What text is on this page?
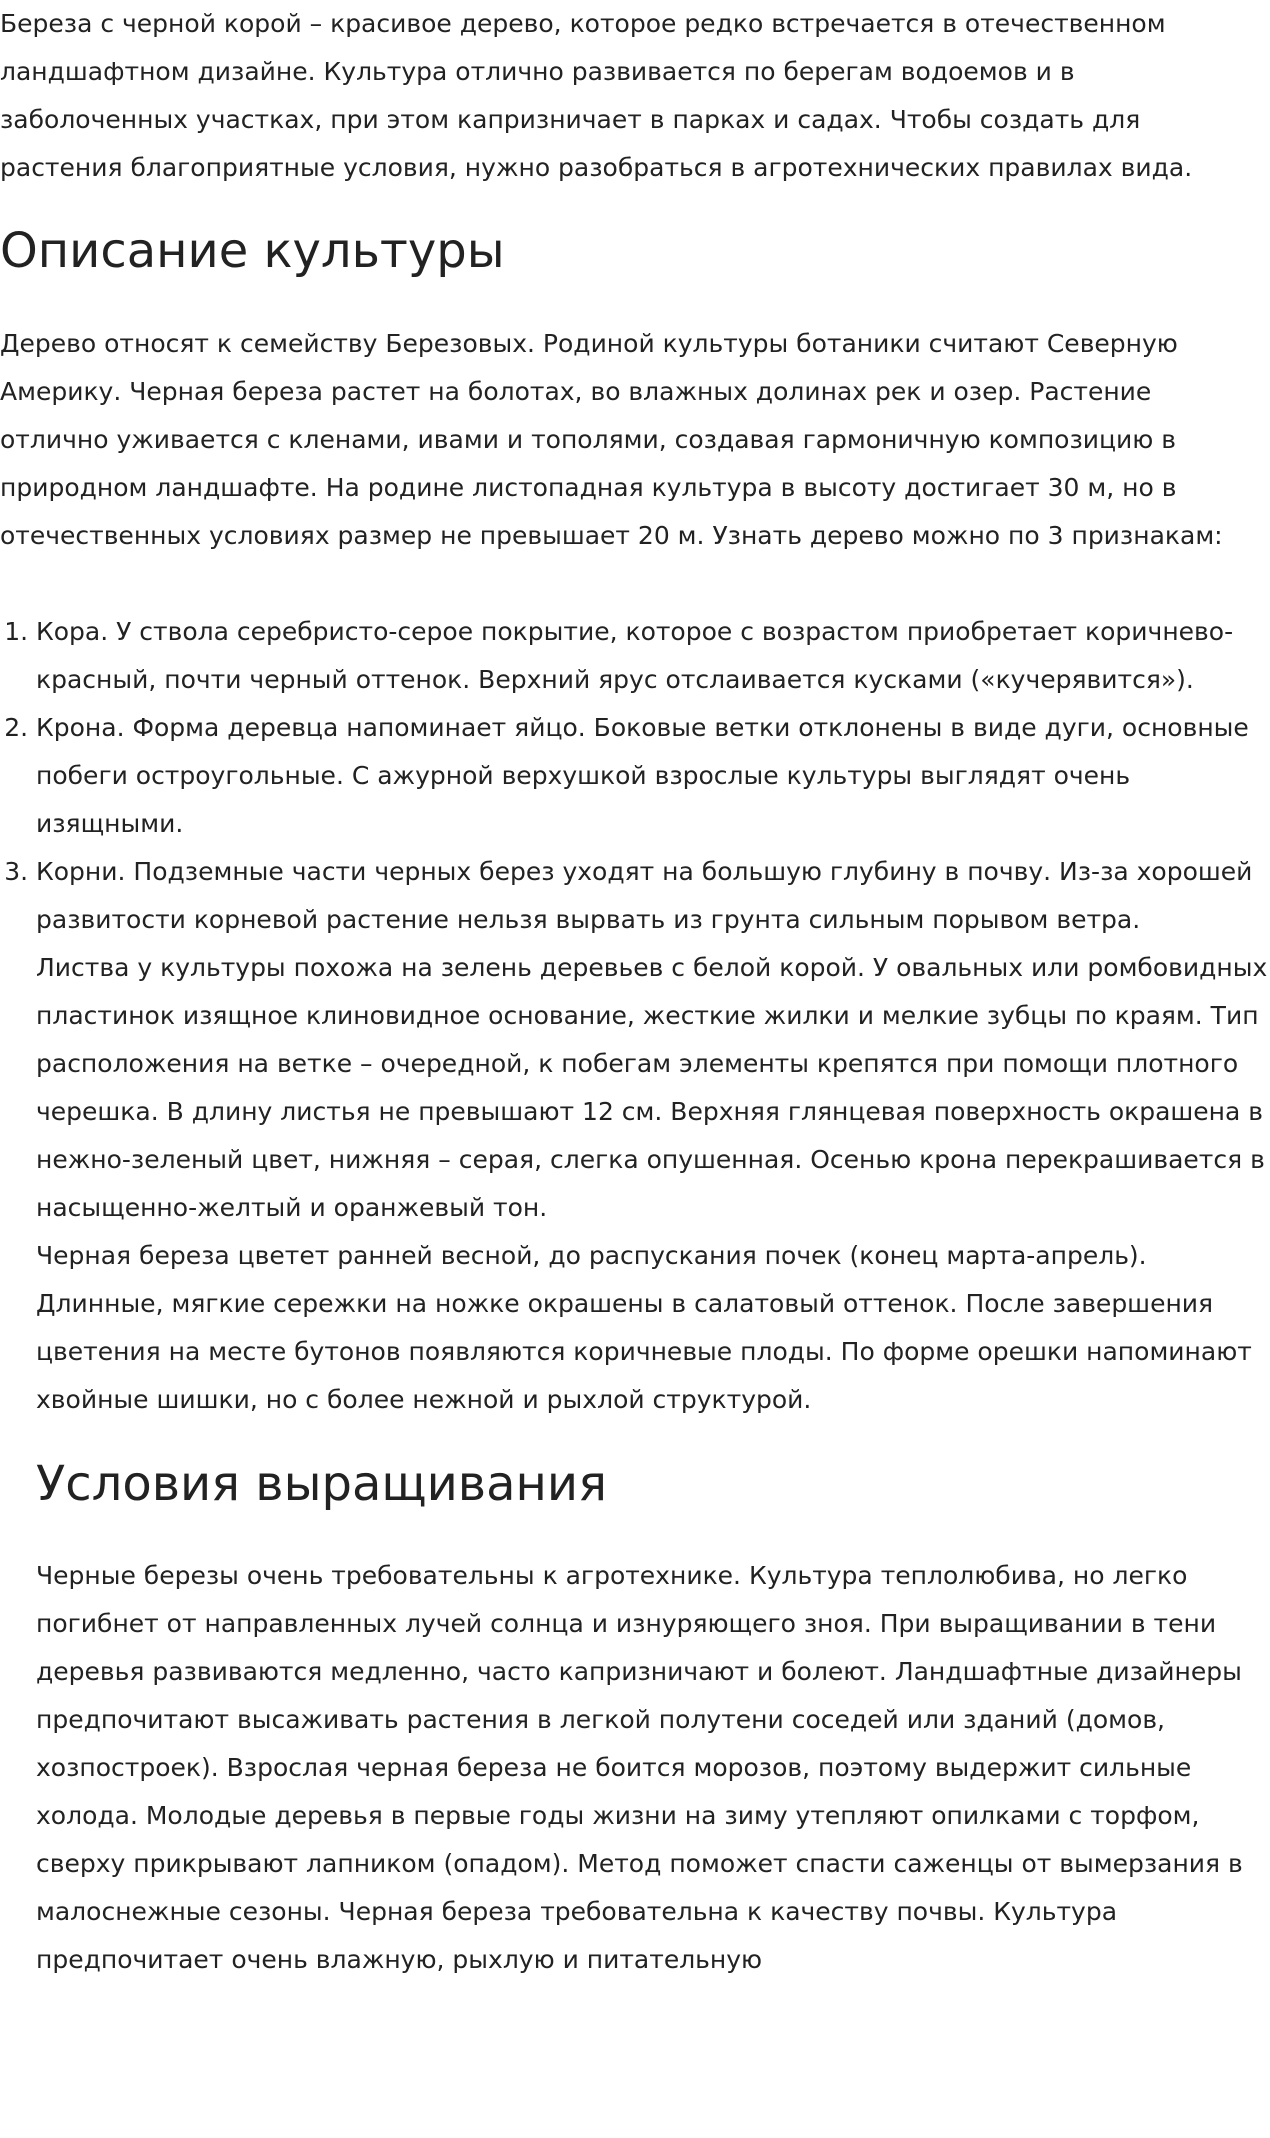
Береза с черной корой – красивое дерево, которое редко встречается в отечественном ландшафтном дизайне. Культура отлично развивается по берегам водоемов и в заболоченных участках, при этом капризничает в парках и садах. Чтобы создать для растения благоприятные условия, нужно разобраться в агротехнических правилах вида.

Описание культуры

Дерево относят к семейству Березовых. Родиной культуры ботаники считают Северную Америку. Черная береза растет на болотах, во влажных долинах рек и озер. Растение отлично уживается с кленами, ивами и тополями, создавая гармоничную композицию в природном ландшафте. На родине листопадная культура в высоту достигает 30 м, но в отечественных условиях размер не превышает 20 м. Узнать дерево можно по 3 признакам:

1. Кора. У ствола серебристо-серое покрытие, которое с возрастом приобретает коричнево-красный, почти черный оттенок. Верхний ярус отслаивается кусками («кучерявится»).
2. Крона. Форма деревца напоминает яйцо. Боковые ветки отклонены в виде дуги, основные побеги остроугольные. С ажурной верхушкой взрослые культуры выглядят очень изящными.
3. Корни. Подземные части черных берез уходят на большую глубину в почву. Из-за хорошей развитости корневой растение нельзя вырвать из грунта сильным порывом ветра.

Листва у культуры похожа на зелень деревьев с белой корой. У овальных или ромбовидных пластинок изящное клиновидное основание, жесткие жилки и мелкие зубцы по краям. Тип расположения на ветке – очередной, к побегам элементы крепятся при помощи плотного черешка. В длину листья не превышают 12 см. Верхняя глянцевая поверхность окрашена в нежно-зеленый цвет, нижняя – серая, слегка опушенная. Осенью крона перекрашивается в насыщенно-желтый и оранжевый тон.

Черная береза цветет ранней весной, до распускания почек (конец марта-апрель). Длинные, мягкие сережки на ножке окрашены в салатовый оттенок. После завершения цветения на месте бутонов появляются коричневые плоды. По форме орешки напоминают хвойные шишки, но с более нежной и рыхлой структурой.

Условия выращивания

Черные березы очень требовательны к агротехнике. Культура теплолюбива, но легко погибнет от направленных лучей солнца и изнуряющего зноя. При выращивании в тени деревья развиваются медленно, часто капризничают и болеют. Ландшафтные дизайнеры предпочитают высаживать растения в легкой полутени соседей или зданий (домов, хозпостроек). Взрослая черная береза не боится морозов, поэтому выдержит сильные холода. Молодые деревья в первые годы жизни на зиму утепляют опилками с торфом, сверху прикрывают лапником (опадом). Метод поможет спасти саженцы от вымерзания в малоснежные сезоны. Черная береза требовательна к качеству почвы. Культура предпочитает очень влажную, рыхлую и питательную
